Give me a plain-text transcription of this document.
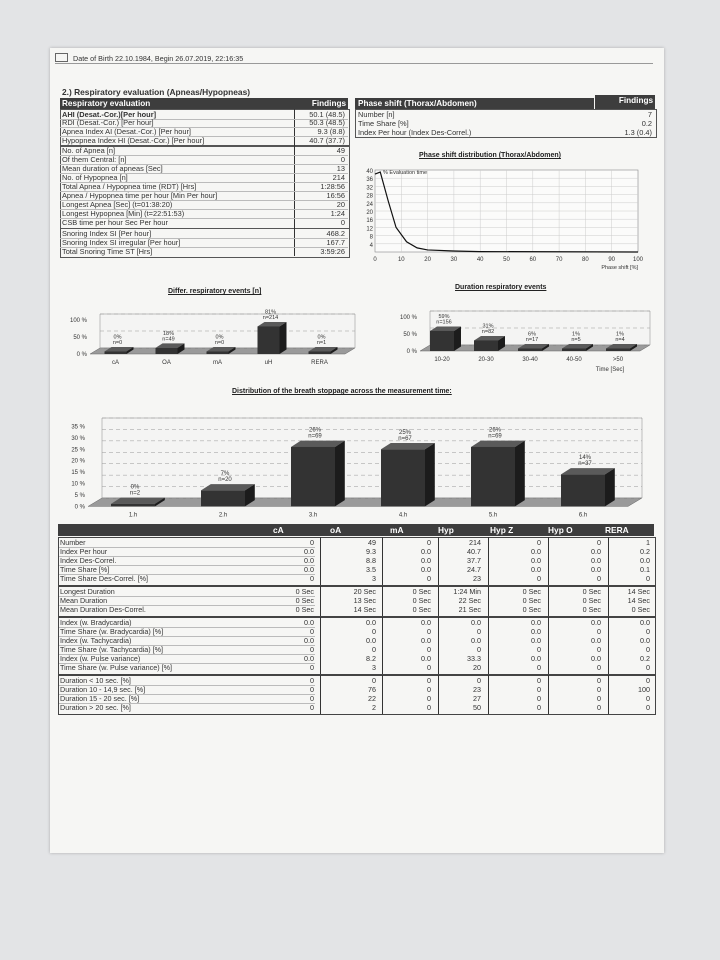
Date of Birth 22.10.1984, Begin 26.07.2019, 22:16:35
2.) Respiratory evaluation (Apneas/Hypopneas)
Respiratory evaluation	Findings
AHI (Desat.-Cor.)[Per hour]	50.1 (48.5)
RDI (Desat.-Cor.) [Per hour]	50.3 (48.5)
Apnea Index AI (Desat.-Cor.) [Per hour]	9.3 (8.8)
Hypopnea Index HI (Desat.-Cor.) [Per hour]	40.7 (37.7)
No. of Apnea [n]	49
Of them Central: [n]	0
Mean duration of apneas [Sec]	13
No. of Hypopnea [n]	214
Total Apnea / Hypopnea time (RDT) [Hrs]	1:28:56
Apnea / Hypopnea time per hour [Min Per hour]	16:56
Longest Apnea [Sec] (t=01:38:20)	20
Longest Hypopnea [Min] (t=22:51:53)	1:24
CSB time per hour Sec Per hour	0
Snoring Index SI [Per hour]	468.2
Snoring Index SI irregular [Per hour]	167.7
Total Snoring Time ST [Hrs]	3:59:26
Phase shift (Thorax/Abdomen)	Findings
Number [n]	7
Time Share [%]	0.2
Index Per hour (Index Des-Correl.)	1.3 (0.4)
Phase shift distribution (Thorax/Abdomen)
40
36
32
28
24
20
16
12
8
4
0	10	20	30	40	50	60	70	80	90	100
% Evaluation time
Phase shift [%]
Differ. respiratory events [n]
100 %
50 %
0 %
0%
n=0
cA
18%
n=49
OA
0%
n=0
mA
81%
n=214
uH
0%
n=1
RERA
Duration respiratory events
100 %
50 %
0 %
59%
n=156
10-20
31%
n=82
20-30
6%
n=17
30-40
1%
n=5
40-50
1%
n=4
>50
Time [Sec]
Distribution of the breath stoppage across the measurement time:
35 %
30 %
25 %
20 %
15 %
10 %
5 %
0 %
0%
n=2
1.h
7%
n=20
2.h
26%
n=69
3.h
25%
n=67
4.h
26%
n=69
5.h
14%
n=37
6.h
cA	oA	mA	Hyp	Hyp Z	Hyp O	RERA
Number	0	49	0	214	0	0	1
Index Per hour	0.0	9.3	0.0	40.7	0.0	0.0	0.2
Index Des-Correl.	0.0	8.8	0.0	37.7	0.0	0.0	0.0
Time Share [%]	0.0	3.5	0.0	24.7	0.0	0.0	0.1
Time Share Des-Correl. [%]	0	3	0	23	0	0	0
Longest Duration	0 Sec	20 Sec	0 Sec	1:24 Min	0 Sec	0 Sec	14 Sec
Mean Duration	0 Sec	13 Sec	0 Sec	22 Sec	0 Sec	0 Sec	14 Sec
Mean Duration Des-Correl.	0 Sec	14 Sec	0 Sec	21 Sec	0 Sec	0 Sec	0 Sec
Index (w. Bradycardia)	0.0	0.0	0.0	0.0	0.0	0.0	0.0
Time Share (w. Bradycardia) [%]	0	0	0	0	0.0	0	0
Index (w. Tachycardia)	0.0	0.0	0.0	0.0	0.0	0.0	0.0
Time Share (w. Tachycardia) [%]	0	0	0	0	0	0	0
Index (w. Pulse variance)	0.0	8.2	0.0	33.3	0.0	0.0	0.2
Time Share (w. Pulse variance) [%]	0	3	0	20	0	0	0
Duration < 10 sec. [%]	0	0	0	0	0	0	0
Duration 10 - 14,9 sec. [%]	0	76	0	23	0	0	100
Duration 15 - 20 sec. [%]	0	22	0	27	0	0	0
Duration > 20 sec. [%]	0	2	0	50	0	0	0
